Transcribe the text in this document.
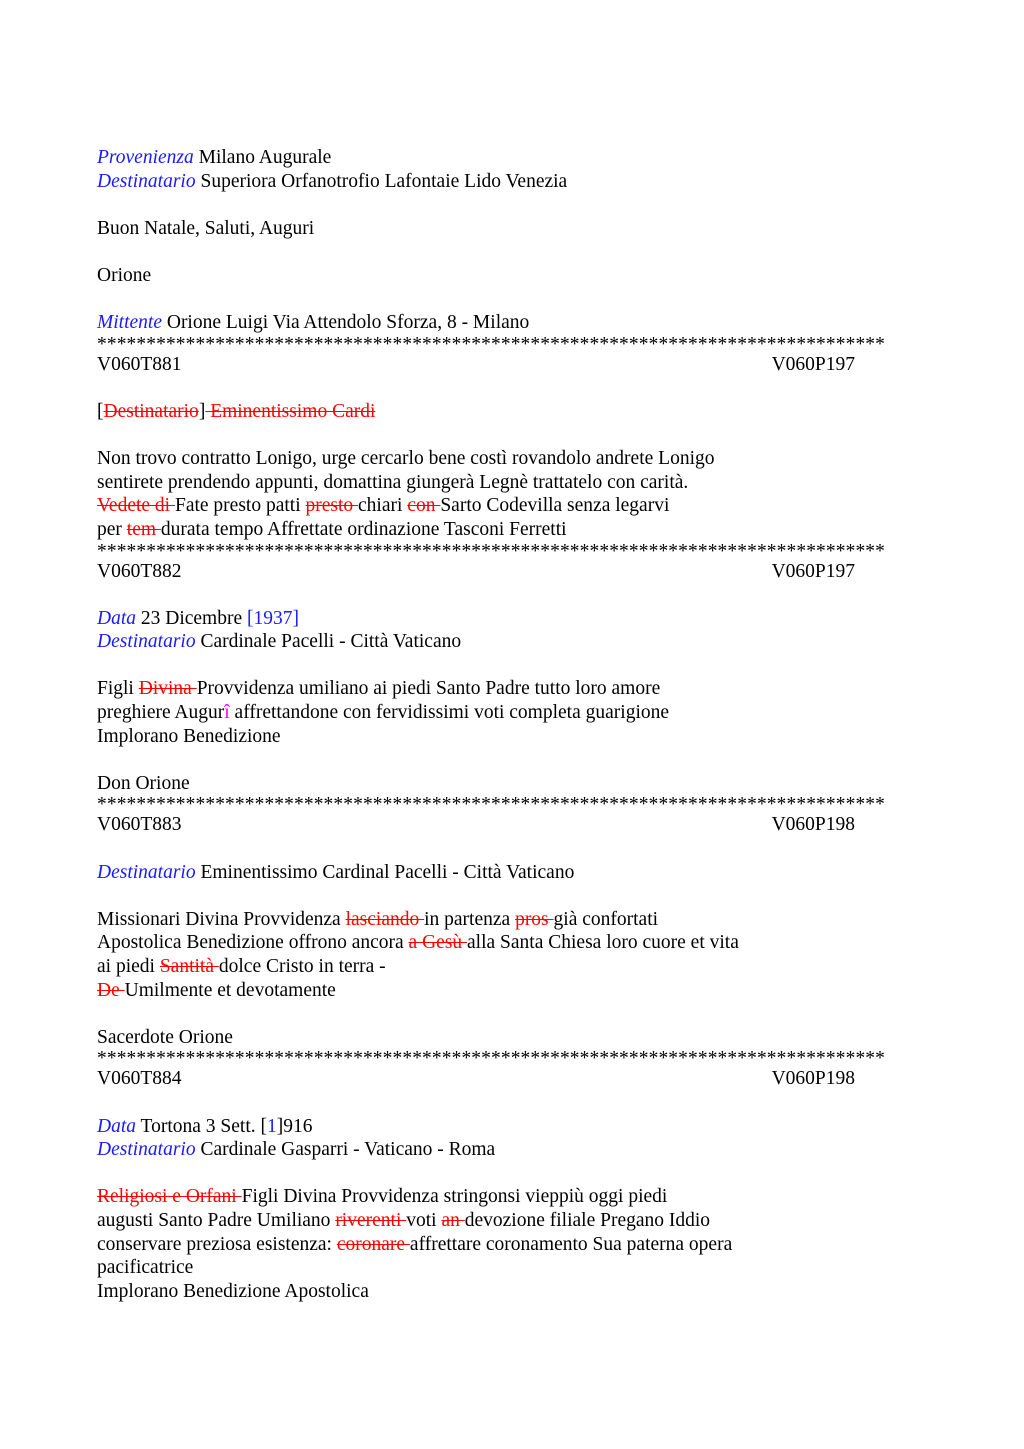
Provenienza Milano Augurale
Destinatario Superiora Orfanotrofio Lafontaie Lido Venezia
Buon Natale, Saluti, Auguri
Orione
Mittente Orione Luigi Via Attendolo Sforza, 8 - Milano
********************************************************************************
V060T881	V060P197
[Destinatario] Eminentissimo Cardi
Non trovo contratto Lonigo, urge cercarlo bene costì rovandolo andrete Lonigo
sentirete prendendo appunti, domattina giungerà Legnè trattatelo con carità.
Vedete di Fate presto patti presto chiari con Sarto Codevilla senza legarvi
per tem durata tempo Affrettate ordinazione Tasconi Ferretti
********************************************************************************
V060T882	V060P197
Data 23 Dicembre [1937]
Destinatario Cardinale Pacelli - Città Vaticano
Figli Divina Provvidenza umiliano ai piedi Santo Padre tutto loro amore
preghiere Augurî affrettandone con fervidissimi voti completa guarigione
Implorano Benedizione
Don Orione
********************************************************************************
V060T883	V060P198
Destinatario Eminentissimo Cardinal Pacelli - Città Vaticano
Missionari Divina Provvidenza lasciando in partenza pros già confortati
Apostolica Benedizione offrono ancora a Gesù alla Santa Chiesa loro cuore et vita
ai piedi Santità dolce Cristo in terra -
De Umilmente et devotamente
Sacerdote Orione
********************************************************************************
V060T884	V060P198
Data Tortona 3 Sett. [1]916
Destinatario Cardinale Gasparri - Vaticano - Roma
Religiosi e Orfani Figli Divina Provvidenza stringonsi vieppiù oggi piedi
augusti Santo Padre Umiliano riverenti voti an devozione filiale Pregano Iddio
conservare preziosa esistenza: coronare affrettare coronamento Sua paterna opera
pacificatrice
Implorano Benedizione Apostolica
